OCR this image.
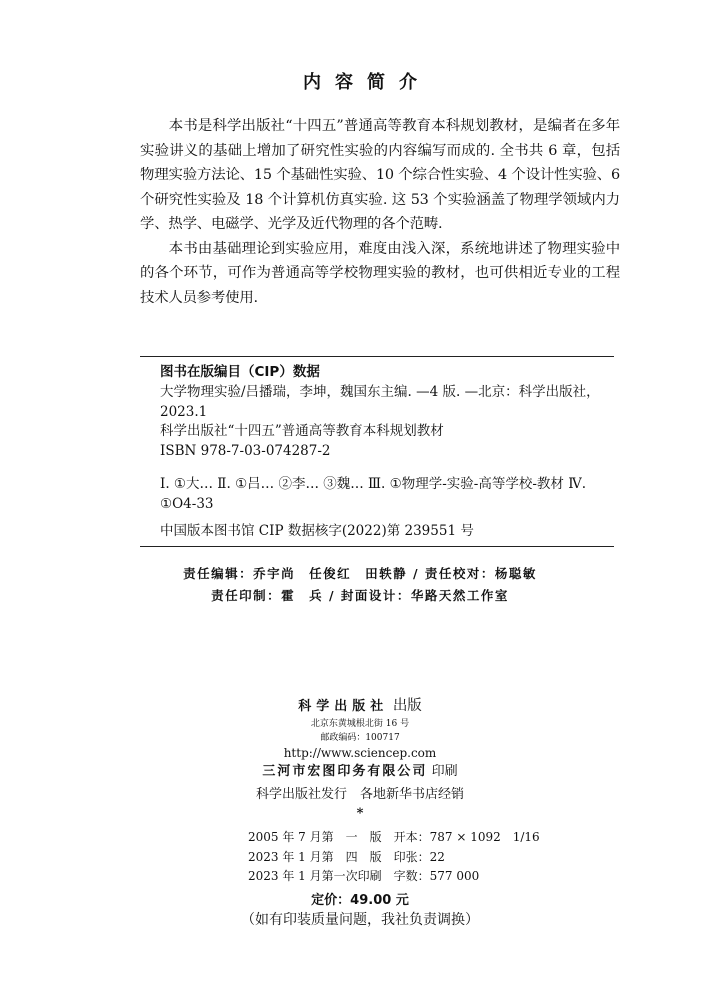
内容简介

本书是科学出版社“十四五”普通高等教育本科规划教材，是编者在多年实验讲义的基础上增加了研究性实验的内容编写而成的. 全书共 6 章，包括物理实验方法论、15 个基础性实验、10 个综合性实验、4 个设计性实验、6 个研究性实验及 18 个计算机仿真实验. 这 53 个实验涵盖了物理学领域内力学、热学、电磁学、光学及近代物理的各个范畴.

本书由基础理论到实验应用，难度由浅入深，系统地讲述了物理实验中的各个环节，可作为普通高等学校物理实验的教材，也可供相近专业的工程技术人员参考使用.

图书在版编目（CIP）数据

大学物理实验/吕播瑞，李坤，魏国东主编. —4 版. —北京：科学出版社，2023.1

科学出版社“十四五”普通高等教育本科规划教材

ISBN 978-7-03-074287-2

Ⅰ. ①大… Ⅱ. ①吕… ②李… ③魏… Ⅲ. ①物理学-实验-高等学校-教材 Ⅳ. ①O4-33

中国版本图书馆 CIP 数据核字(2022)第 239551 号

责任编辑：乔宇尚　任俊红　田轶静 / 责任校对：杨聪敏
责任印制：霍　兵 / 封面设计：华路天然工作室
科学出版社 出版
北京东黄城根北街 16 号
邮政编码：100717
http://www.sciencep.com
三河市宏图印务有限公司 印刷
科学出版社发行　各地新华书店经销
*
2005 年 7 月第　一　版　开本：787 × 1092　1/16
2023 年 1 月第　四　版　印张：22
2023 年 1 月第一次印刷　字数：577 000
定价：49.00 元
（如有印装质量问题，我社负责调换）
